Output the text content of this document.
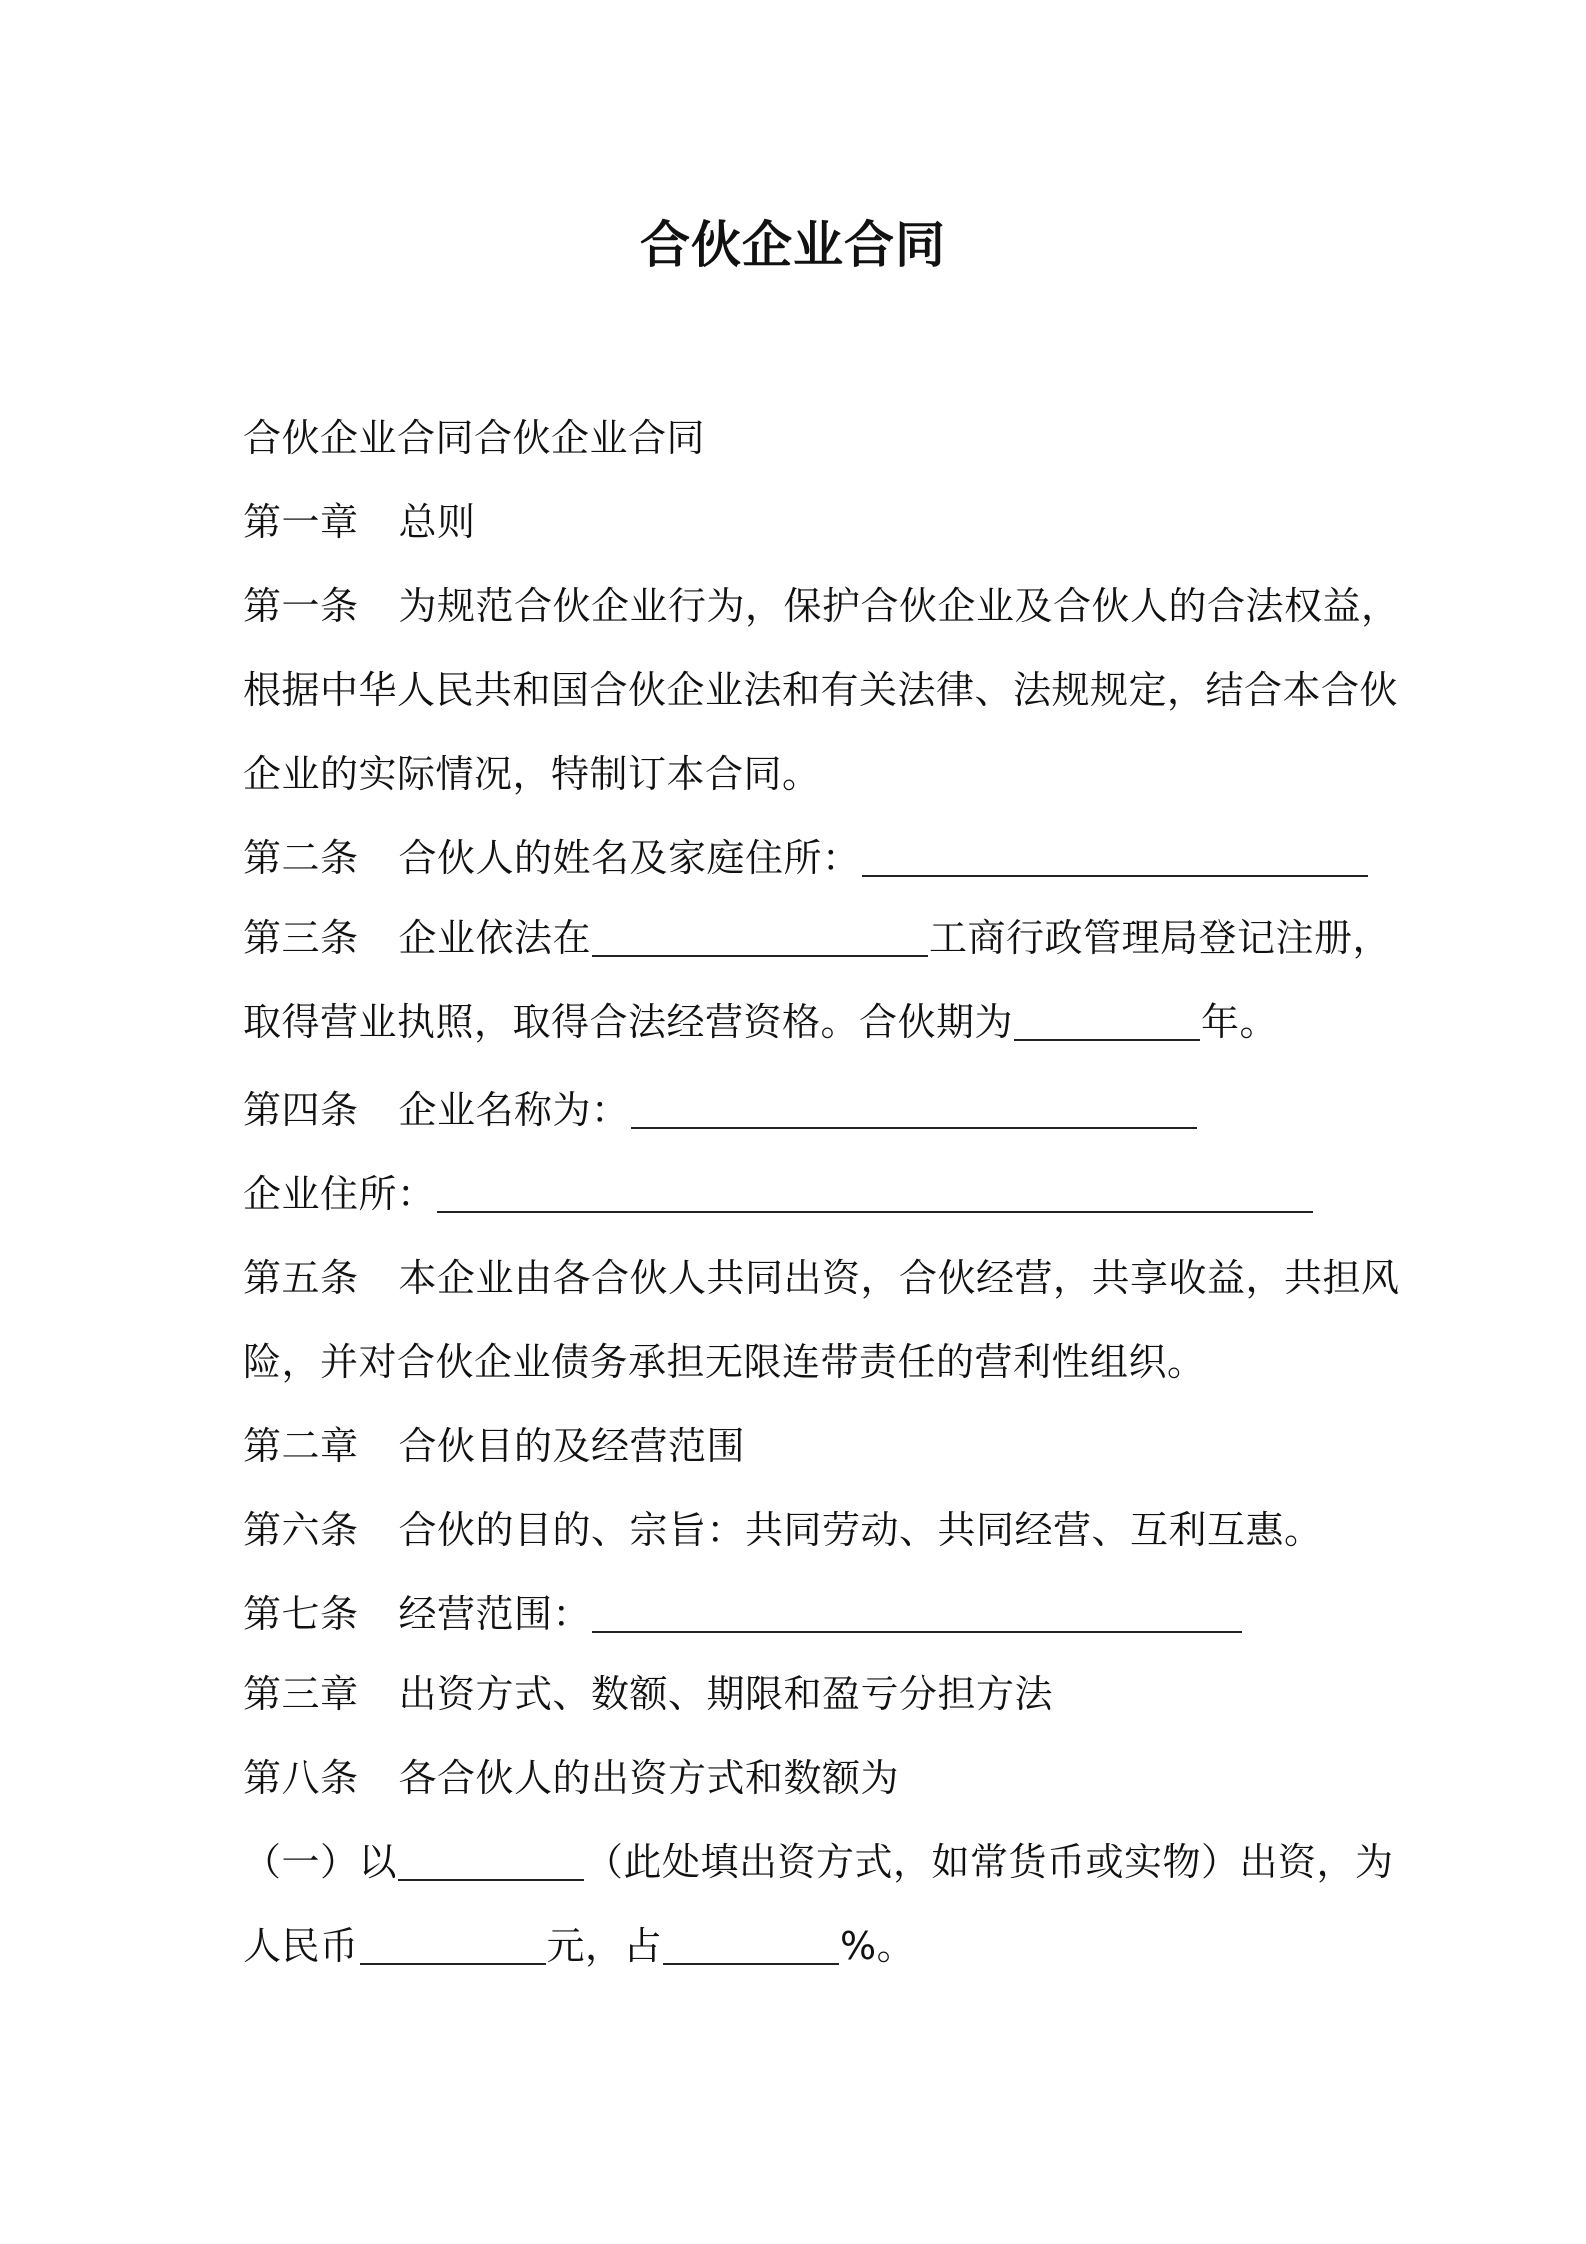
合伙企业合同
合伙企业合同合伙企业合同
第一章 总则
第一条 为规范合伙企业行为，保护合伙企业及合伙人的合法权益，
根据中华人民共和国合伙企业法和有关法律、法规规定，结合本合伙
企业的实际情况，特制订本合同。
第二条 合伙人的姓名及家庭住所：
第三条 企业依法在	工商行政管理局登记注册，
取得营业执照，取得合法经营资格。合伙期为	年。
第四条 企业名称为：
企业住所：
第五条 本企业由各合伙人共同出资，合伙经营，共享收益，共担风
险，并对合伙企业债务承担无限连带责任的营利性组织。
第二章 合伙目的及经营范围
第六条 合伙的目的、宗旨：共同劳动、共同经营、互利互惠。
第七条 经营范围：
第三章 出资方式、数额、期限和盈亏分担方法
第八条 各合伙人的出资方式和数额为
（一）以	（此处填出资方式，如常货币或实物）出资，为
人民币	元，占	%。
